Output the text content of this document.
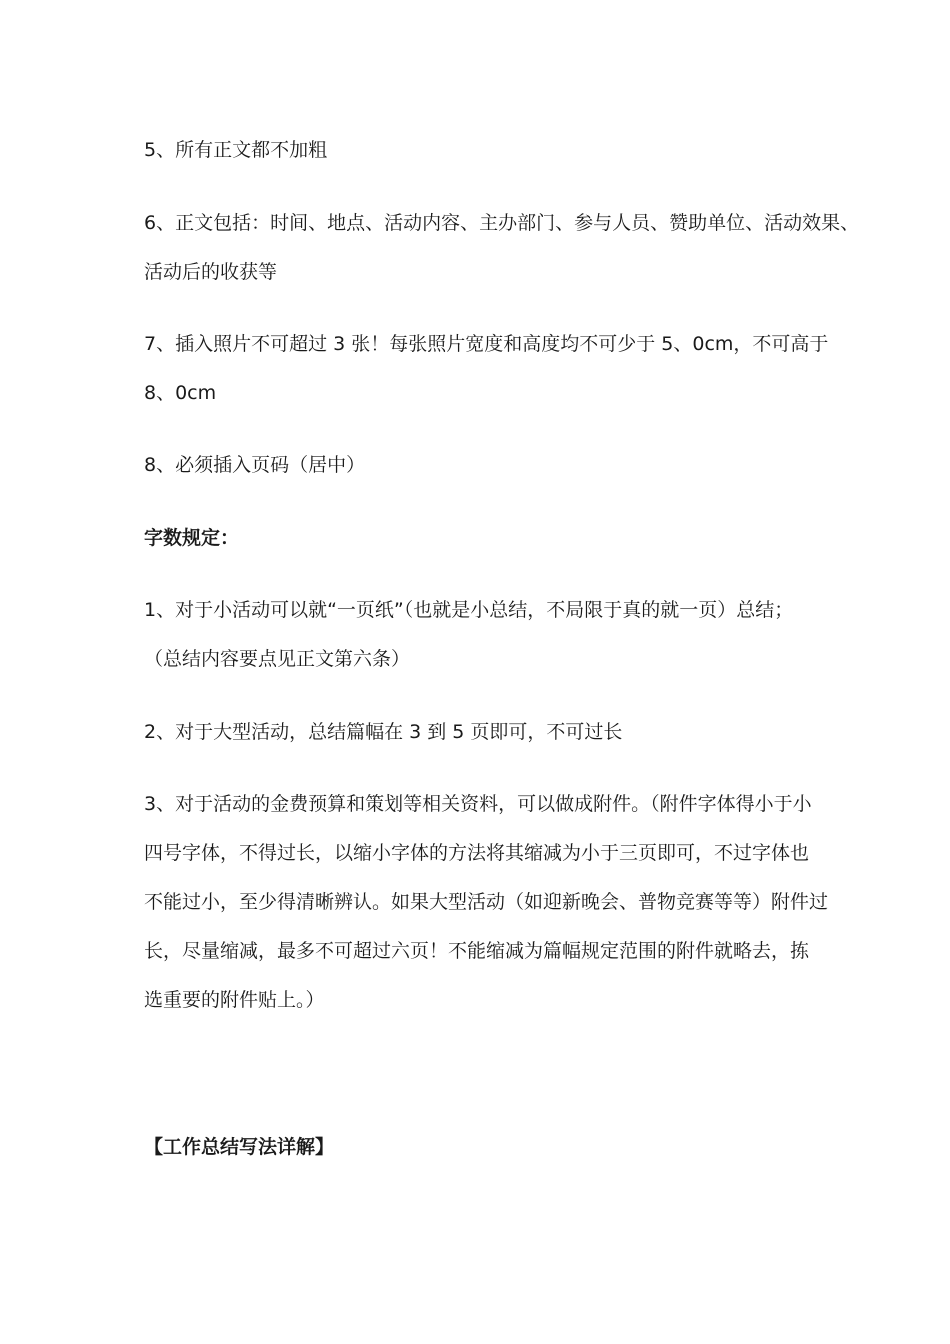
5、所有正文都不加粗
6、正文包括：时间、地点、活动内容、主办部门、参与人员、赞助单位、活动效果、
活动后的收获等
7、插入照片不可超过 3 张！每张照片宽度和高度均不可少于 5、0cm，不可高于
8、0cm
8、必须插入页码（居中）
字数规定：
1、对于小活动可以就“一页纸”（也就是小总结，不局限于真的就一页）总结；
（总结内容要点见正文第六条）
2、对于大型活动，总结篇幅在 3 到 5 页即可，不可过长
3、对于活动的金费预算和策划等相关资料，可以做成附件。（附件字体得小于小
四号字体，不得过长，以缩小字体的方法将其缩减为小于三页即可，不过字体也
不能过小，至少得清晰辨认。如果大型活动（如迎新晚会、普物竞赛等等）附件过
长，尽量缩减，最多不可超过六页！不能缩减为篇幅规定范围的附件就略去，拣
选重要的附件贴上。）
【工作总结写法详解】
